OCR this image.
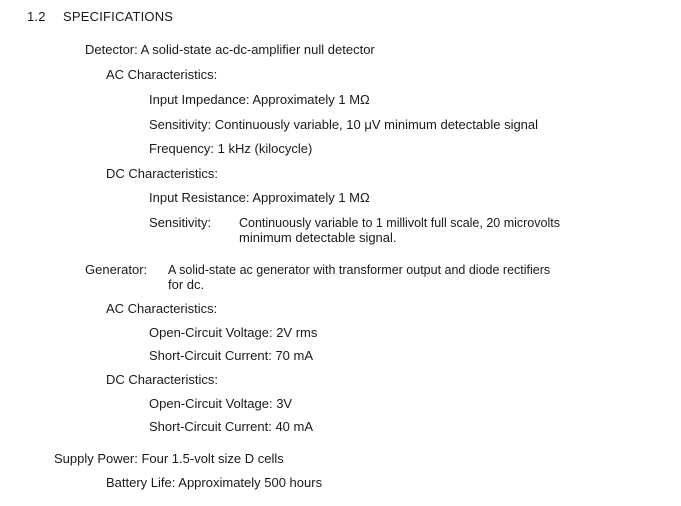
1.2 SPECIFICATIONS
Detector: A solid-state ac-dc-amplifier null detector
AC Characteristics:
Input Impedance: Approximately 1 MΩ
Sensitivity: Continuously variable, 10 μV minimum detectable signal
Frequency: 1 kHz (kilocycle)
DC Characteristics:
Input Resistance: Approximately 1 MΩ
Sensitivity: Continuously variable to 1 millivolt full scale, 20 microvolts
minimum detectable signal.
Generator: A solid-state ac generator with transformer output and diode rectifiers
for dc.
AC Characteristics:
Open-Circuit Voltage: 2V rms
Short-Circuit Current: 70 mA
DC Characteristics:
Open-Circuit Voltage: 3V
Short-Circuit Current: 40 mA
Supply Power: Four 1.5-volt size D cells
Battery Life: Approximately 500 hours
